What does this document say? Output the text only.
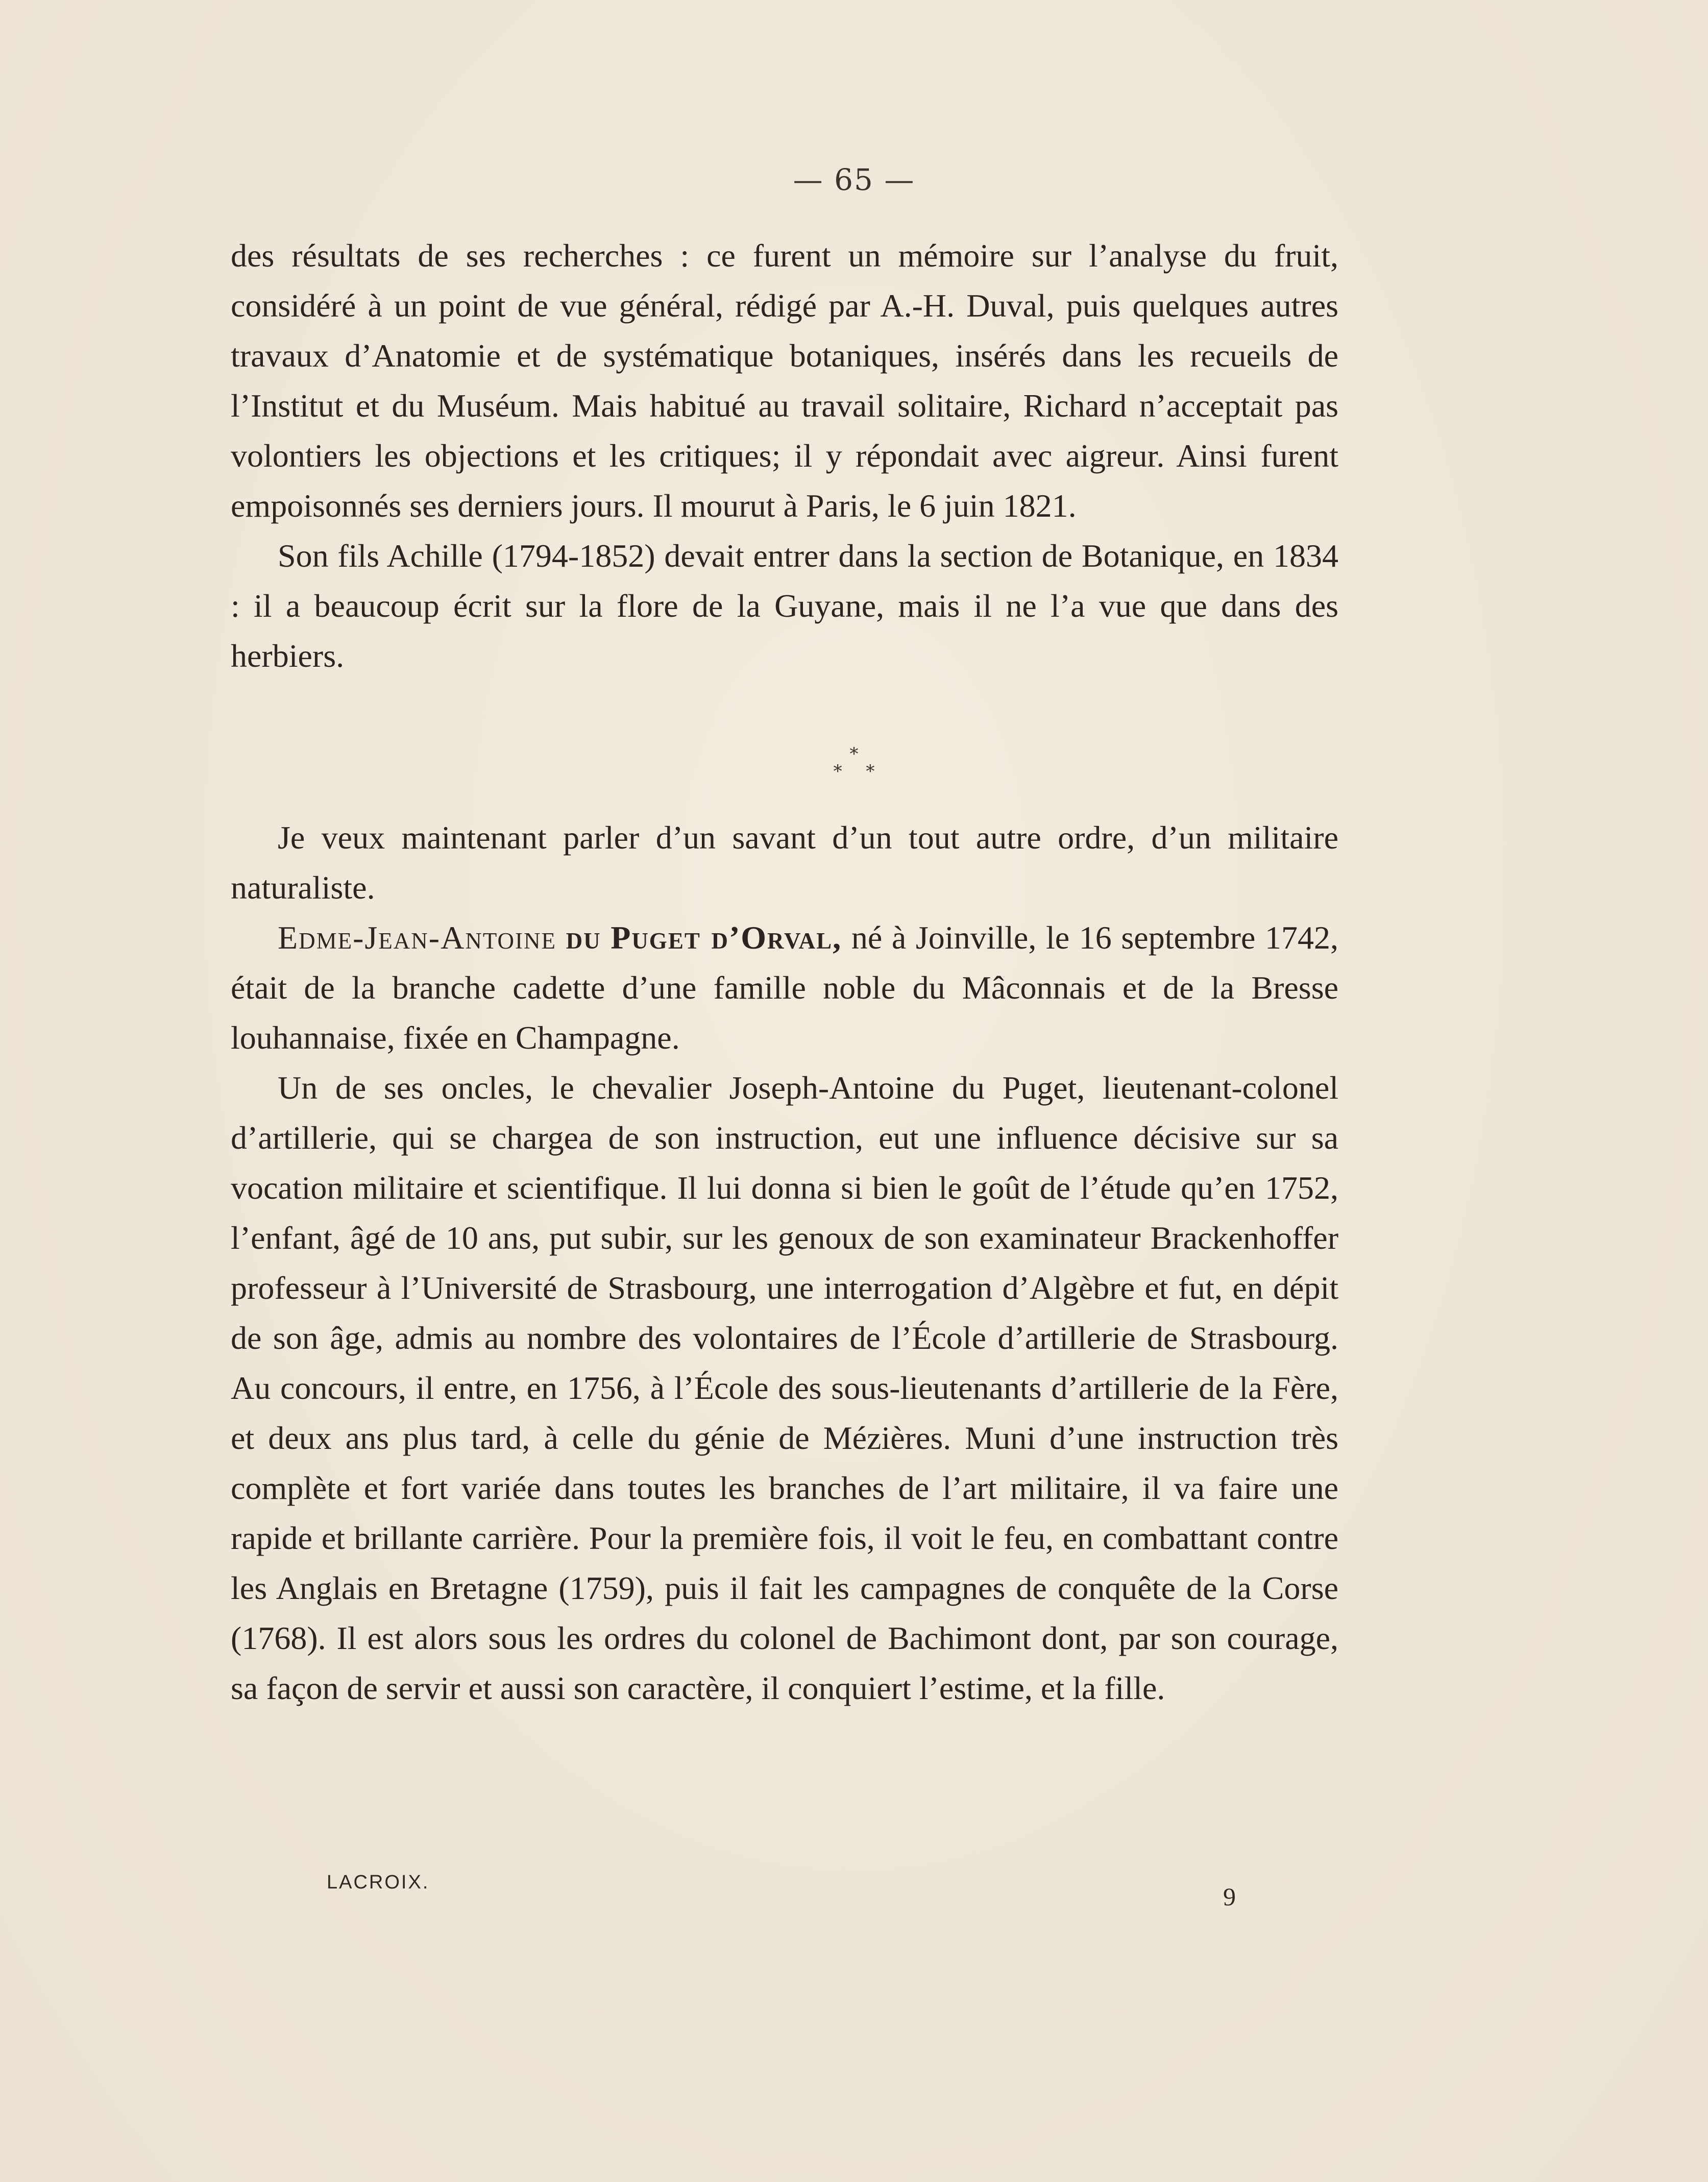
— 65 —

des résultats de ses recherches : ce furent un mémoire sur l’analyse du fruit, considéré à un point de vue général, rédigé par A.-H. Duval, puis quelques autres travaux d’Anatomie et de systématique botaniques, insérés dans les recueils de l’Institut et du Muséum. Mais habitué au travail solitaire, Richard n’acceptait pas volontiers les objections et les critiques; il y répondait avec aigreur. Ainsi furent empoisonnés ses derniers jours. Il mourut à Paris, le 6 juin 1821.

Son fils Achille (1794-1852) devait entrer dans la section de Botanique, en 1834 : il a beaucoup écrit sur la flore de la Guyane, mais il ne l’a vue que dans des herbiers.

*
* *

Je veux maintenant parler d’un savant d’un tout autre ordre, d’un militaire naturaliste.

Edme-Jean-Antoine du Puget d’Orval, né à Joinville, le 16 septembre 1742, était de la branche cadette d’une famille noble du Mâconnais et de la Bresse louhannaise, fixée en Champagne.

Un de ses oncles, le chevalier Joseph-Antoine du Puget, lieutenant-colonel d’artillerie, qui se chargea de son instruction, eut une influence décisive sur sa vocation militaire et scientifique. Il lui donna si bien le goût de l’étude qu’en 1752, l’enfant, âgé de 10 ans, put subir, sur les genoux de son examinateur Brackenhoffer professeur à l’Université de Strasbourg, une interrogation d’Algèbre et fut, en dépit de son âge, admis au nombre des volontaires de l’École d’artillerie de Strasbourg. Au concours, il entre, en 1756, à l’École des sous-lieutenants d’artillerie de la Fère, et deux ans plus tard, à celle du génie de Mézières. Muni d’une instruction très complète et fort variée dans toutes les branches de l’art militaire, il va faire une rapide et brillante carrière. Pour la première fois, il voit le feu, en combattant contre les Anglais en Bretagne (1759), puis il fait les campagnes de conquête de la Corse (1768). Il est alors sous les ordres du colonel de Bachimont dont, par son courage, sa façon de servir et aussi son caractère, il conquiert l’estime, et la fille.

LACROIX.	9
